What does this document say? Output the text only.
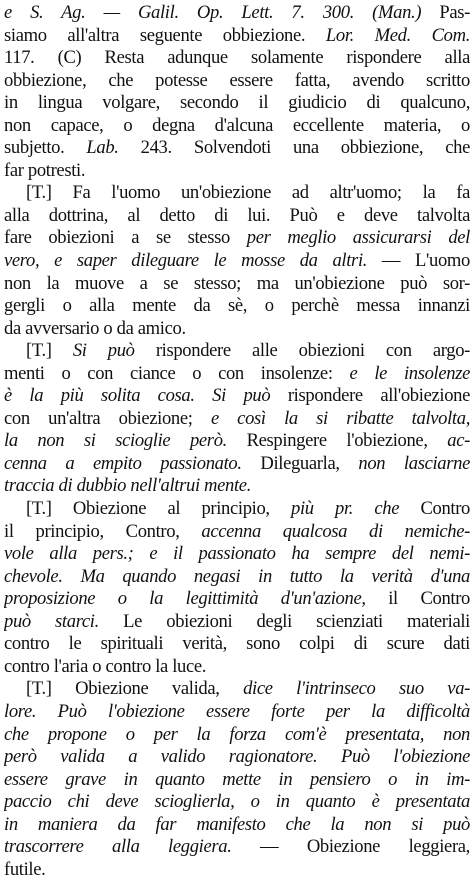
e S. Ag. — Galil. Op. Lett. 7. 300. (Man.) Pas-
siamo all'altra seguente obbiezione. Lor. Med. Com.
117. (C) Resta adunque solamente rispondere alla
obbiezione, che potesse essere fatta, avendo scritto
in lingua volgare, secondo il giudicio di qualcuno,
non capace, o degna d'alcuna eccellente materia, o
subjetto. Lab. 243. Solvendoti una obbiezione, che
far potresti.
[T.] Fa l'uomo un'obiezione ad altr'uomo; la fa
alla dottrina, al detto di lui. Può e deve talvolta
fare obiezioni a se stesso per meglio assicurarsi del
vero, e saper dileguare le mosse da altri. — L'uomo
non la muove a se stesso; ma un'obiezione può sor-
gergli o alla mente da sè, o perchè messa innanzi
da avversario o da amico.
[T.] Si può rispondere alle obiezioni con argo-
menti o con ciance o con insolenze: e le insolenze
è la più solita cosa. Si può rispondere all'obiezione
con un'altra obiezione; e così la si ribatte talvolta,
la non si scioglie però. Respingere l'obiezione, ac-
cenna a empito passionato. Dileguarla, non lasciarne
traccia di dubbio nell'altrui mente.
[T.] Obiezione al principio, più pr. che Contro
il principio, Contro, accenna qualcosa di nemiche-
vole alla pers.; e il passionato ha sempre del nemi-
chevole. Ma quando negasi in tutto la verità d'una
proposizione o la legittimità d'un'azione, il Contro
può starci. Le obiezioni degli scienziati materiali
contro le spirituali verità, sono colpi di scure dati
contro l'aria o contro la luce.
[T.] Obiezione valida, dice l'intrinseco suo va-
lore. Può l'obiezione essere forte per la difficoltà
che propone o per la forza com'è presentata, non
però valida a valido ragionatore. Può l'obiezione
essere grave in quanto mette in pensiero o in im-
paccio chi deve scioglierla, o in quanto è presentata
in maniera da far manifesto che la non si può
trascorrere alla leggiera. — Obiezione leggiera,
futile.
